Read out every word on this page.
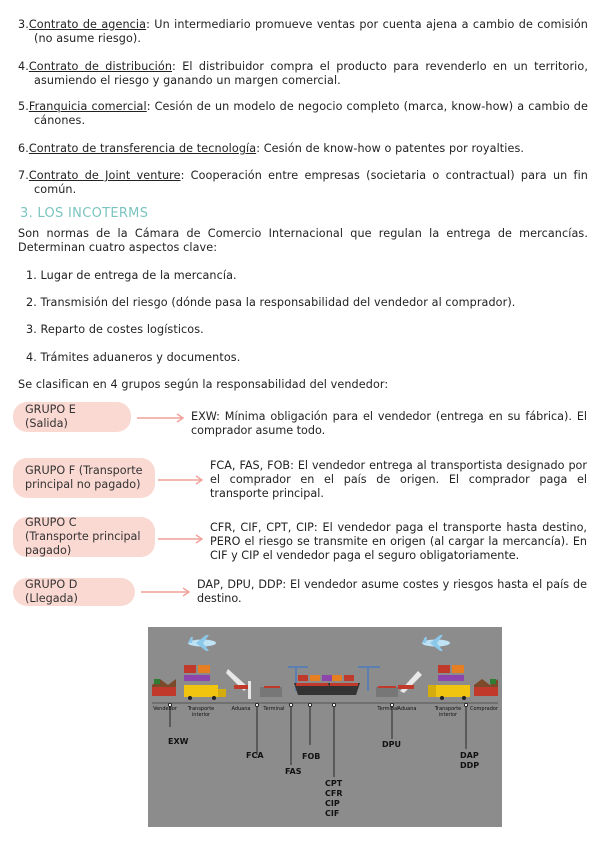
3.Contrato de agencia: Un intermediario promueve ventas por cuenta ajena a cambio de comisión (no asume riesgo).
4.Contrato de distribución: El distribuidor compra el producto para revenderlo en un territorio, asumiendo el riesgo y ganando un margen comercial.
5.Franquicia comercial: Cesión de un modelo de negocio completo (marca, know-how) a cambio de cánones.
6.Contrato de transferencia de tecnología: Cesión de know-how o patentes por royalties.
7.Contrato de Joint venture: Cooperación entre empresas (societaria o contractual) para un fin común.
3. LOS INCOTERMS
Son normas de la Cámara de Comercio Internacional que regulan la entrega de mercancías. Determinan cuatro aspectos clave:
1. Lugar de entrega de la mercancía.
2. Transmisión del riesgo (dónde pasa la responsabilidad del vendedor al comprador).
3. Reparto de costes logísticos.
4. Trámites aduaneros y documentos.
Se clasifican en 4 grupos según la responsabilidad del vendedor:
GRUPO E (Salida)
EXW: Mínima obligación para el vendedor (entrega en su fábrica). El comprador asume todo.
GRUPO F (Transporte principal no pagado)
FCA, FAS, FOB: El vendedor entrega al transportista designado por el comprador en el país de origen. El comprador paga el transporte principal.
GRUPO C (Transporte principal pagado)
CFR, CIF, CPT, CIP: El vendedor paga el transporte hasta destino, PERO el riesgo se transmite en origen (al cargar la mercancía). En CIF y CIP el vendedor paga el seguro obligatoriamente.
GRUPO D (Llegada)
DAP, DPU, DDP: El vendedor asume costes y riesgos hasta el país de destino.
Vendedor	Transporte interior
Aduana	Terminal	Terminal
Aduana	Transporte interior
Comprador
EXW
FCA
FAS
FOB
CPT
CFR
CIP
CIF
DPU
DAP
DDP
